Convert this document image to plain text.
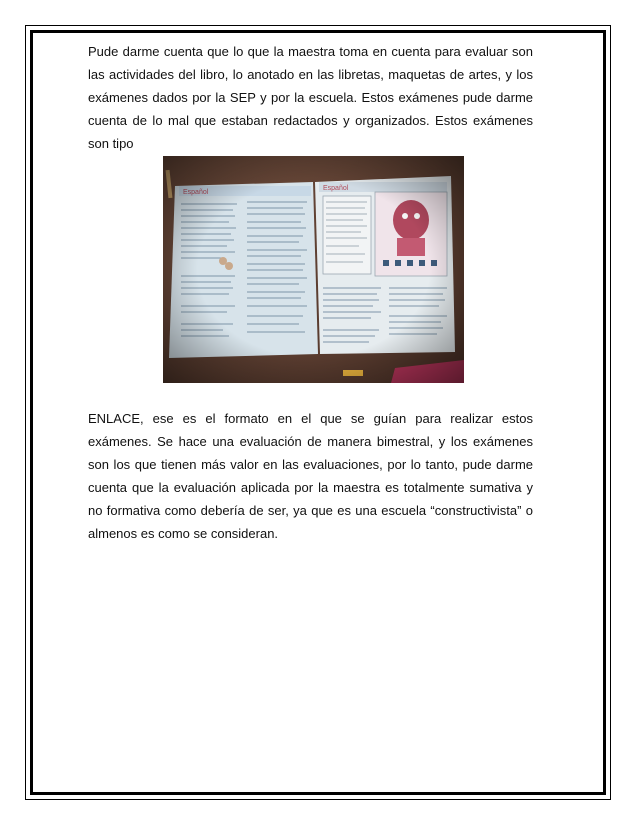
Pude darme cuenta que lo que la maestra toma en cuenta para evaluar son las actividades del libro, lo anotado en las libretas, maquetas de artes, y los exámenes dados por la SEP y por la escuela. Estos exámenes pude darme cuenta de lo mal que estaban redactados y organizados. Estos exámenes son tipo

ENLACE, ese es el formato en el que se guían para realizar estos exámenes. Se hace una evaluación de manera bimestral, y los exámenes son los que tienen más valor en las evaluaciones, por lo tanto, pude darme cuenta que la evaluación aplicada por la maestra es totalmente sumativa y no formativa como debería de ser, ya que es una escuela “constructivista” o almenos es como se consideran.
